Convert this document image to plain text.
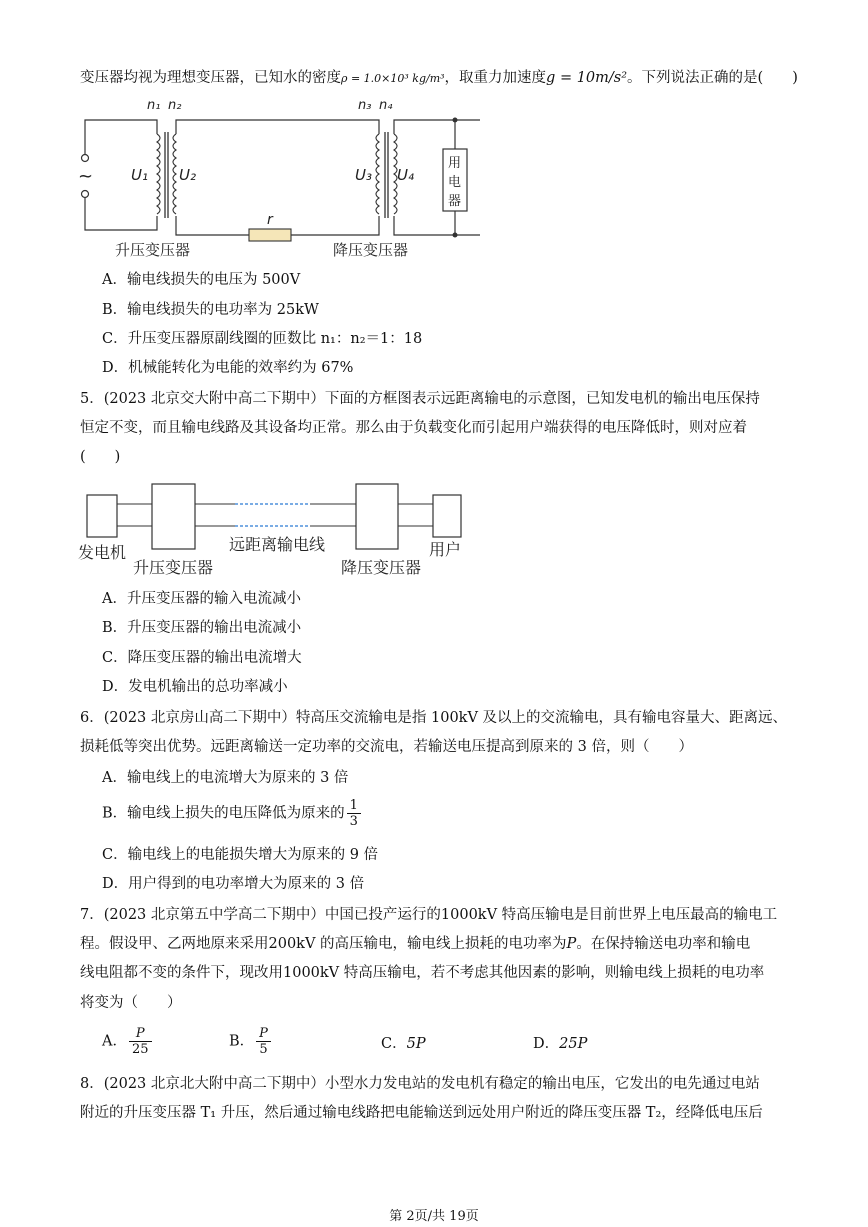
变压器均视为理想变压器，已知水的密度ρ = 1.0×10³ kg/m³，取重力加速度g = 10m/s²。下列说法正确的是(　　)
n₁ n₂	n₃ n₄
~	U₁ U₂	U₃ U₄
r
用
电
器
升压变压器	降压变压器
A．输电线损失的电压为 500V
B．输电线损失的电功率为 25kW
C．升压变压器原副线圈的匝数比 n₁：n₂＝1：18
D．机械能转化为电能的效率约为 67%
5．(2023 北京交大附中高二下期中）下面的方框图表示远距离输电的示意图，已知发电机的输出电压保持
恒定不变，而且输电线路及其设备均正常。那么由于负载变化而引起用户端获得的电压降低时，则对应着
(　　)
发电机
升压变压器
远距离输电线
降压变压器
用户
A．升压变压器的输入电流减小
B．升压变压器的输出电流减小
C．降压变压器的输出电流增大
D．发电机输出的总功率减小
6．(2023 北京房山高二下期中）特高压交流输电是指 100kV 及以上的交流输电，具有输电容量大、距离远、
损耗低等突出优势。远距离输送一定功率的交流电，若输送电压提高到原来的 3 倍，则（　　）
A．输电线上的电流增大为原来的 3 倍
B．输电线上损失的电压降低为原来的 $\frac{1}{3}$
C．输电线上的电能损失增大为原来的 9 倍
D．用户得到的电功率增大为原来的 3 倍
7．(2023 北京第五中学高二下期中）中国已投产运行的1000kV 特高压输电是目前世界上电压最高的输电工
程。假设甲、乙两地原来采用200kV 的高压输电，输电线上损耗的电功率为P。在保持输送电功率和输电
线电阻都不变的条件下，现改用1000kV 特高压输电，若不考虑其他因素的影响，则输电线上损耗的电功率
将变为（　　）
A． $\frac{P}{25}$	B． $\frac{P}{5}$	C．5P	D．25P
8．(2023 北京北大附中高二下期中）小型水力发电站的发电机有稳定的输出电压，它发出的电先通过电站
附近的升压变压器 T₁ 升压，然后通过输电线路把电能输送到远处用户附近的降压变压器 T₂，经降低电压后
第 2页/共 19页
